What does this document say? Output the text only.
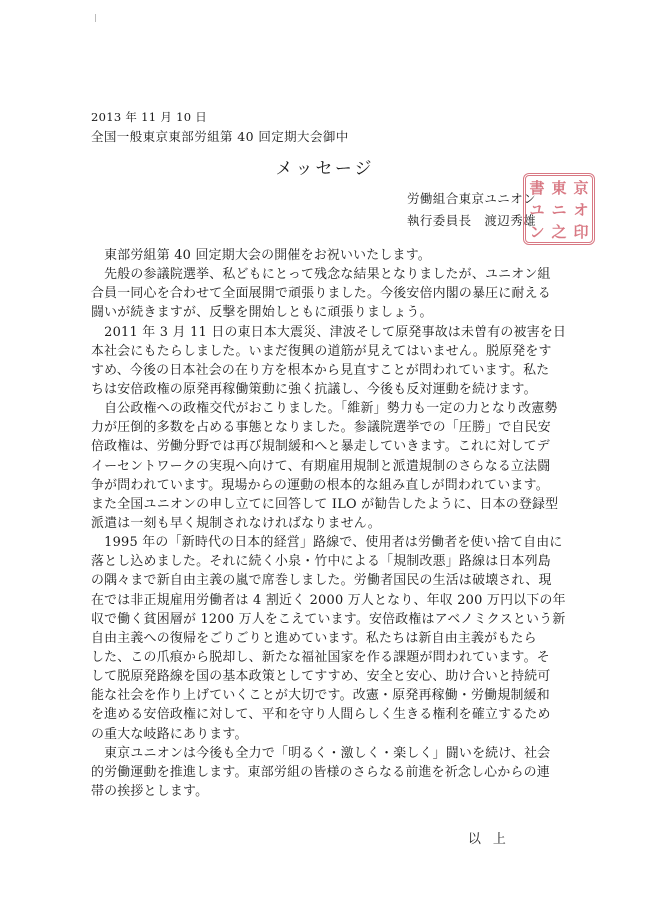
2013 年 11 月 10 日
全国一般東京東部労組第 40 回定期大会御中
メッセージ
労働組合東京ユニオン
執行委員長　渡辺秀雄
書 東 京
ユ ニ オ
ン 之 印
　東部労組第 40 回定期大会の開催をお祝いいたします。
　先般の参議院選挙、私どもにとって残念な結果となりましたが、ユニオン組
合員一同心を合わせて全面展開で頑張りました。今後安倍内閣の暴圧に耐える
闘いが続きますが、反撃を開始しともに頑張りましょう。
　2011 年 3 月 11 日の東日本大震災、津波そして原発事故は未曽有の被害を日
本社会にもたらしました。いまだ復興の道筋が見えてはいません。脱原発をす
すめ、今後の日本社会の在り方を根本から見直すことが問われています。私た
ちは安倍政権の原発再稼働策動に強く抗議し、今後も反対運動を続けます。
　自公政権への政権交代がおこりました。「維新」勢力も一定の力となり改憲勢
力が圧倒的多数を占める事態となりました。参議院選挙での「圧勝」で自民安
倍政権は、労働分野では再び規制緩和へと暴走していきます。これに対してデ
イーセントワークの実現へ向けて、有期雇用規制と派遣規制のさらなる立法闘
争が問われています。現場からの運動の根本的な組み直しが問われています。
また全国ユニオンの申し立てに回答して ILO が勧告したように、日本の登録型
派遣は一刻も早く規制されなければなりません。
　1995 年の「新時代の日本的経営」路線で、使用者は労働者を使い捨て自由に
落とし込めました。それに続く小泉・竹中による「規制改悪」路線は日本列島
の隅々まで新自由主義の嵐で席巻しました。労働者国民の生活は破壊され、現
在では非正規雇用労働者は 4 割近く 2000 万人となり、年収 200 万円以下の年
収で働く貧困層が 1200 万人をこえています。安倍政権はアベノミクスという新
自由主義への復帰をごりごりと進めています。私たちは新自由主義がもたら
した、この爪痕から脱却し、新たな福祉国家を作る課題が問われています。そ
して脱原発路線を国の基本政策としてすすめ、安全と安心、助け合いと持続可
能な社会を作り上げていくことが大切です。改憲・原発再稼働・労働規制緩和
を進める安倍政権に対して、平和を守り人間らしく生きる権利を確立するため
の重大な岐路にあります。
　東京ユニオンは今後も全力で「明るく・激しく・楽しく」闘いを続け、社会
的労働運動を推進します。東部労組の皆様のさらなる前進を祈念し心からの連
帯の挨拶とします。
以上
